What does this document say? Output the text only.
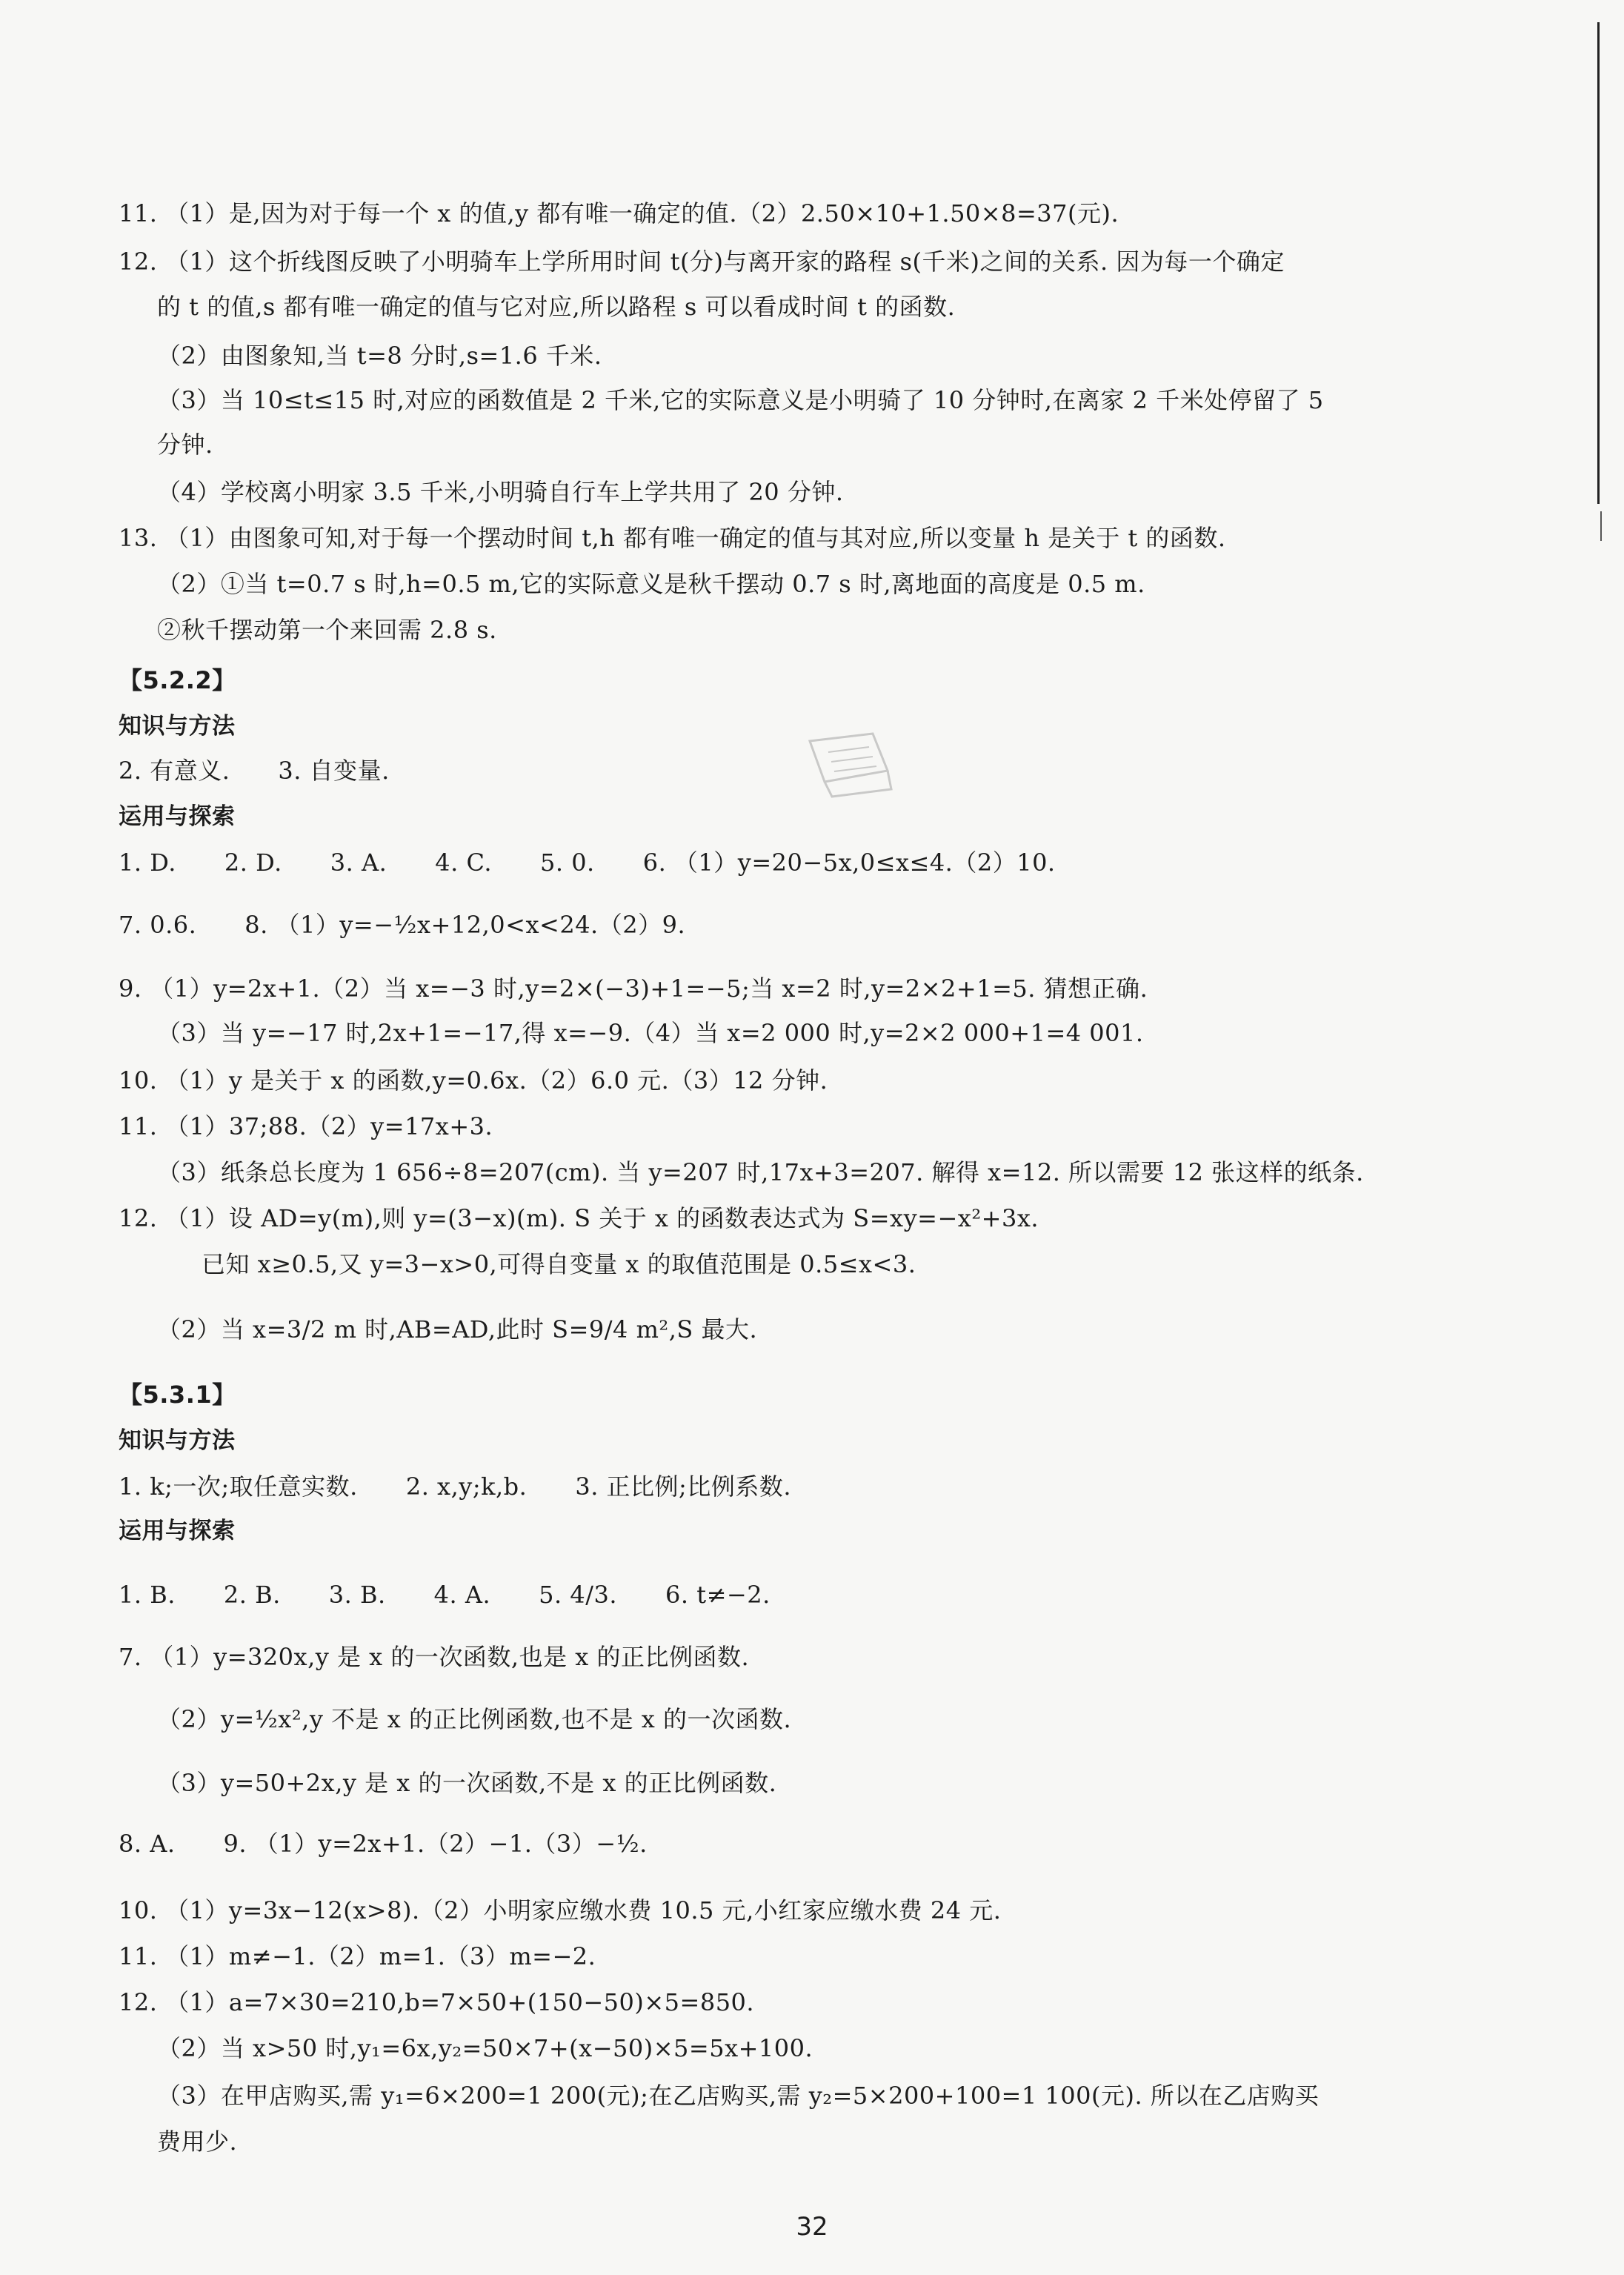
11. （1）是,因为对于每一个 x 的值,y 都有唯一确定的值.（2）2.50×10+1.50×8=37(元).
12. （1）这个折线图反映了小明骑车上学所用时间 t(分)与离开家的路程 s(千米)之间的关系. 因为每一个确定
的 t 的值,s 都有唯一确定的值与它对应,所以路程 s 可以看成时间 t 的函数.
（2）由图象知,当 t=8 分时,s=1.6 千米.
（3）当 10≤t≤15 时,对应的函数值是 2 千米,它的实际意义是小明骑了 10 分钟时,在离家 2 千米处停留了 5
分钟.
（4）学校离小明家 3.5 千米,小明骑自行车上学共用了 20 分钟.
13. （1）由图象可知,对于每一个摆动时间 t,h 都有唯一确定的值与其对应,所以变量 h 是关于 t 的函数.
（2）①当 t=0.7 s 时,h=0.5 m,它的实际意义是秋千摆动 0.7 s 时,离地面的高度是 0.5 m.
②秋千摆动第一个来回需 2.8 s.
【5.2.2】
知识与方法
2. 有意义.　　3. 自变量.
运用与探索
1. D.　　2. D.　　3. A.　　4. C.　　5. 0.　　6. （1）y=20−5x,0≤x≤4.（2）10.
7. 0.6.　　8. （1）y=−½x+12,0<x<24.（2）9.
9. （1）y=2x+1.（2）当 x=−3 时,y=2×(−3)+1=−5;当 x=2 时,y=2×2+1=5. 猜想正确.
（3）当 y=−17 时,2x+1=−17,得 x=−9.（4）当 x=2 000 时,y=2×2 000+1=4 001.
10. （1）y 是关于 x 的函数,y=0.6x.（2）6.0 元.（3）12 分钟.
11. （1）37;88.（2）y=17x+3.
（3）纸条总长度为 1 656÷8=207(cm). 当 y=207 时,17x+3=207. 解得 x=12. 所以需要 12 张这样的纸条.
12. （1）设 AD=y(m),则 y=(3−x)(m). S 关于 x 的函数表达式为 S=xy=−x²+3x.
已知 x≥0.5,又 y=3−x>0,可得自变量 x 的取值范围是 0.5≤x<3.
（2）当 x=3/2 m 时,AB=AD,此时 S=9/4 m²,S 最大.
【5.3.1】
知识与方法
1. k;一次;取任意实数.　　2. x,y;k,b.　　3. 正比例;比例系数.
运用与探索
1. B.　　2. B.　　3. B.　　4. A.　　5. 4/3.　　6. t≠−2.
7. （1）y=320x,y 是 x 的一次函数,也是 x 的正比例函数.
（2）y=½x²,y 不是 x 的正比例函数,也不是 x 的一次函数.
（3）y=50+2x,y 是 x 的一次函数,不是 x 的正比例函数.
8. A.　　9. （1）y=2x+1.（2）−1.（3）−½.
10. （1）y=3x−12(x>8).（2）小明家应缴水费 10.5 元,小红家应缴水费 24 元.
11. （1）m≠−1.（2）m=1.（3）m=−2.
12. （1）a=7×30=210,b=7×50+(150−50)×5=850.
（2）当 x>50 时,y₁=6x,y₂=50×7+(x−50)×5=5x+100.
（3）在甲店购买,需 y₁=6×200=1 200(元);在乙店购买,需 y₂=5×200+100=1 100(元). 所以在乙店购买
费用少.
32
